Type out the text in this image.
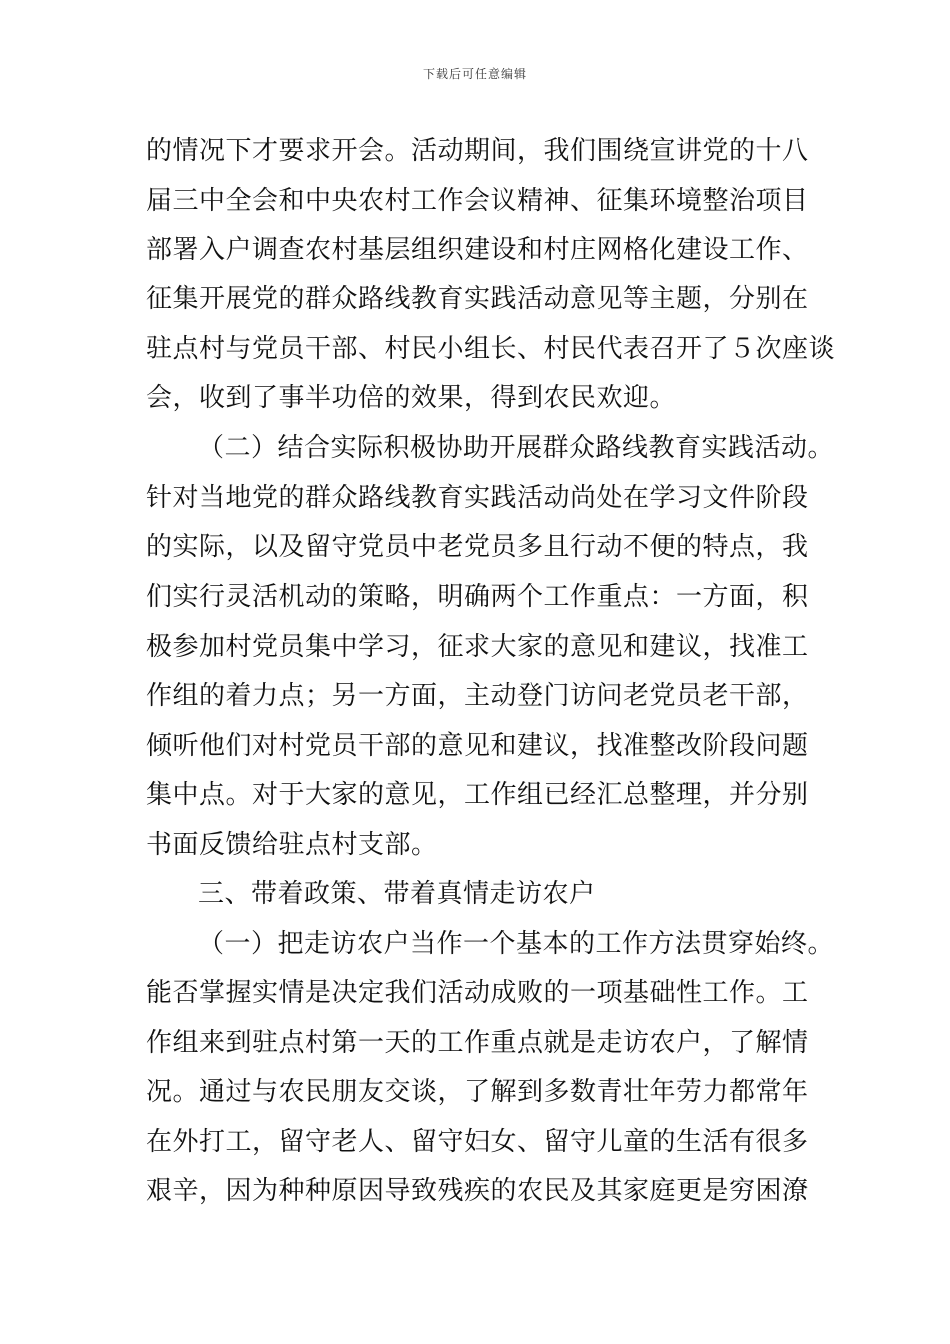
下载后可任意编辑
的情况下才要求开会。活动期间，我们围绕宣讲党的十八
届三中全会和中央农村工作会议精神、征集环境整治项目
部署入户调查农村基层组织建设和村庄网格化建设工作、
征集开展党的群众路线教育实践活动意见等主题，分别在
驻点村与党员干部、村民小组长、村民代表召开了５次座谈
会，收到了事半功倍的效果，得到农民欢迎。
（二）结合实际积极协助开展群众路线教育实践活动。
针对当地党的群众路线教育实践活动尚处在学习文件阶段
的实际，以及留守党员中老党员多且行动不便的特点，我
们实行灵活机动的策略，明确两个工作重点：一方面，积
极参加村党员集中学习，征求大家的意见和建议，找准工
作组的着力点；另一方面，主动登门访问老党员老干部，
倾听他们对村党员干部的意见和建议，找准整改阶段问题
集中点。对于大家的意见，工作组已经汇总整理，并分别
书面反馈给驻点村支部。
三、带着政策、带着真情走访农户
（一）把走访农户当作一个基本的工作方法贯穿始终。
能否掌握实情是决定我们活动成败的一项基础性工作。工
作组来到驻点村第一天的工作重点就是走访农户，了解情
况。通过与农民朋友交谈，了解到多数青壮年劳力都常年
在外打工，留守老人、留守妇女、留守儿童的生活有很多
艰辛，因为种种原因导致残疾的农民及其家庭更是穷困潦
